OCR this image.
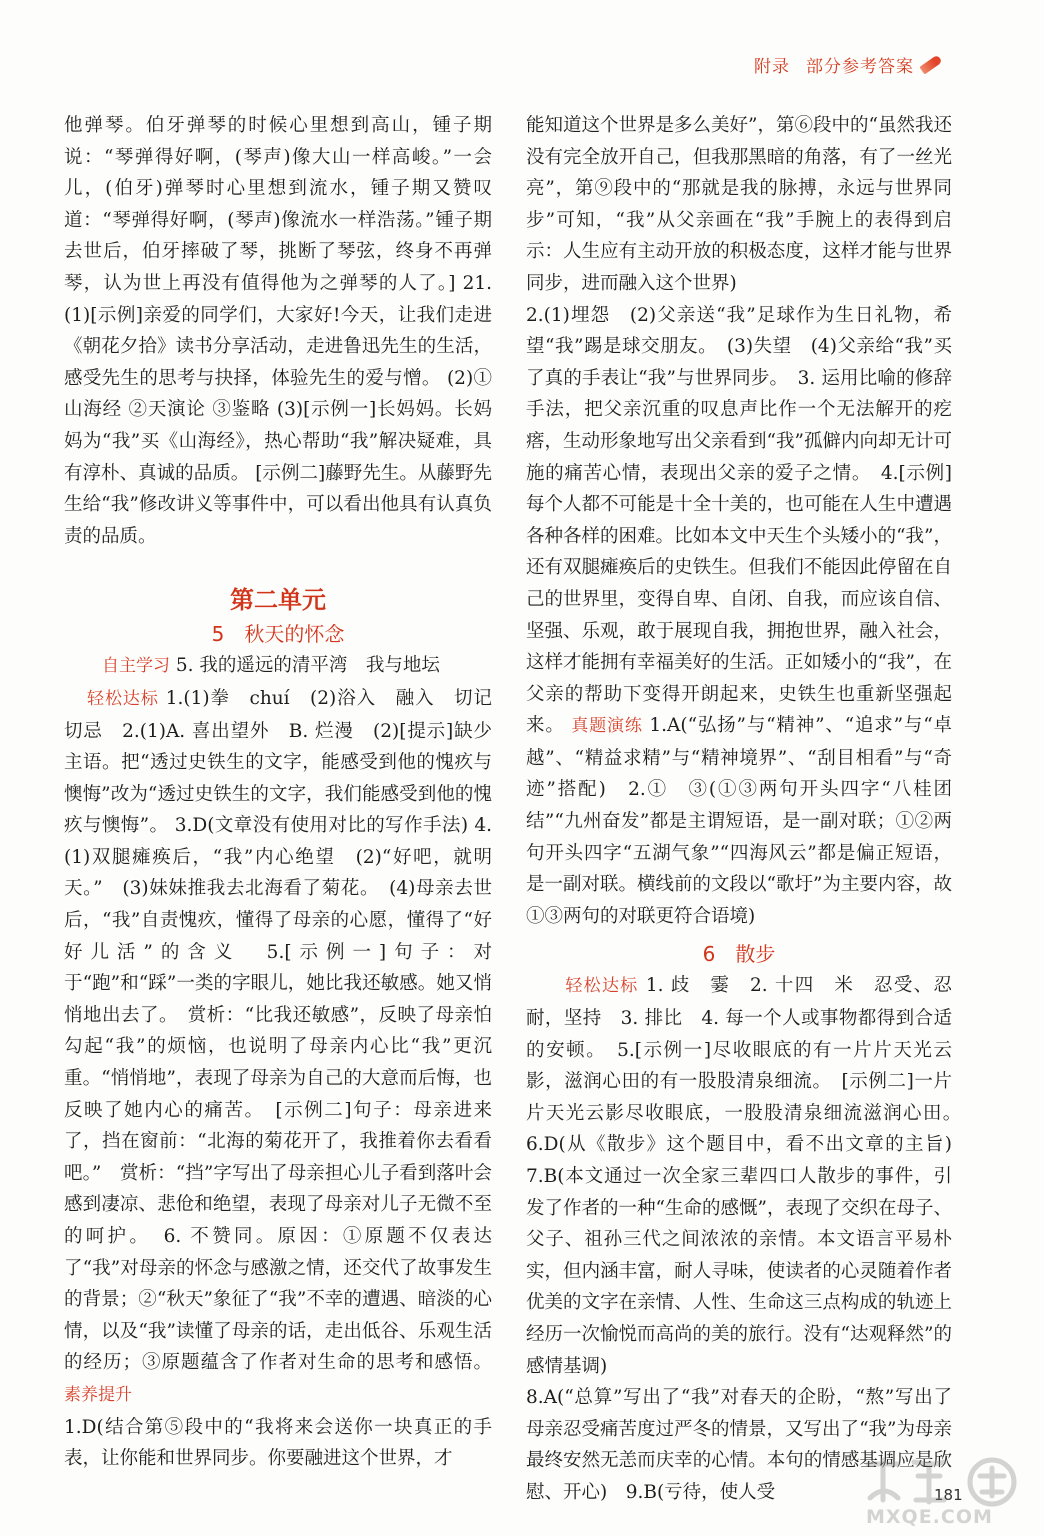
附录 部分参考答案

他弹琴。伯牙弹琴的时候心里想到高山，锺子期说：“琴弹得好啊，(琴声)像大山一样高峻。”一会儿，(伯牙)弹琴时心里想到流水，锺子期又赞叹道：“琴弹得好啊，(琴声)像流水一样浩荡。”锺子期去世后，伯牙摔破了琴，挑断了琴弦，终身不再弹琴，认为世上再没有值得他为之弹琴的人了。] 21.(1)[示例]亲爱的同学们，大家好!今天，让我们走进《朝花夕拾》读书分享活动，走进鲁迅先生的生活，感受先生的思考与抉择，体验先生的爱与憎。 (2)①山海经 ②天演论 ③鉴略 (3)[示例一]长妈妈。长妈妈为“我”买《山海经》，热心帮助“我”解决疑难，具有淳朴、真诚的品质。 [示例二]藤野先生。从藤野先生给“我”修改讲义等事件中，可以看出他具有认真负责的品质。

第二单元
5　秋天的怀念

自主学习 5. 我的遥远的清平湾　我与地坛

轻松达标 1.(1)拳　chuí　(2)浴入　融入　切记　切忌　2.(1)A. 喜出望外　B. 烂漫　(2)[提示]缺少主语。把“透过史铁生的文字，能感受到他的愧疚与懊悔”改为“透过史铁生的文字，我们能感受到他的愧疚与懊悔”。 3.D(文章没有使用对比的写作手法) 4.(1)双腿瘫痪后，“我”内心绝望　(2)“好吧，就明天。”　(3)妹妹推我去北海看了菊花。　(4)母亲去世后，“我”自责愧疚，懂得了母亲的心愿，懂得了“好好儿活”的含义　5.[示例一]句子：对于“跑”和“踩”一类的字眼儿，她比我还敏感。她又悄悄地出去了。　赏析：“比我还敏感”，反映了母亲怕勾起“我”的烦恼，也说明了母亲内心比“我”更沉重。“悄悄地”，表现了母亲为自己的大意而后悔，也反映了她内心的痛苦。　[示例二]句子：母亲进来了，挡在窗前：“北海的菊花开了，我推着你去看看吧。”　赏析：“挡”字写出了母亲担心儿子看到落叶会感到凄凉、悲伧和绝望，表现了母亲对儿子无微不至的呵护。　6. 不赞同。原因：①原题不仅表达了“我”对母亲的怀念与感激之情，还交代了故事发生的背景；②“秋天”象征了“我”不幸的遭遇、暗淡的心情，以及“我”读懂了母亲的话，走出低谷、乐观生活的经历；③原题蕴含了作者对生命的思考和感悟。 素养提升

1.D(结合第⑤段中的“我将来会送你一块真正的手表，让你能和世界同步。你要融进这个世界，才

能知道这个世界是多么美好”，第⑥段中的“虽然我还没有完全放开自己，但我那黑暗的角落，有了一丝光亮”，第⑨段中的“那就是我的脉搏，永远与世界同步”可知，“我”从父亲画在“我”手腕上的表得到启示：人生应有主动开放的积极态度，这样才能与世界同步，进而融入这个世界)

2.(1)埋怨　(2)父亲送“我”足球作为生日礼物，希望“我”踢是球交朋友。　(3)失望　(4)父亲给“我”买了真的手表让“我”与世界同步。　3. 运用比喻的修辞手法，把父亲沉重的叹息声比作一个无法解开的疙瘩，生动形象地写出父亲看到“我”孤僻内向却无计可施的痛苦心情，表现出父亲的爱子之情。　4.[示例]每个人都不可能是十全十美的，也可能在人生中遭遇各种各样的困难。比如本文中天生个头矮小的“我”，还有双腿瘫痪后的史铁生。但我们不能因此停留在自己的世界里，变得自卑、自闭、自我，而应该自信、坚强、乐观，敢于展现自我，拥抱世界，融入社会，这样才能拥有幸福美好的生活。正如矮小的“我”，在父亲的帮助下变得开朗起来，史铁生也重新坚强起来。 真题演练 1.A(“弘扬”与“精神”、“追求”与“卓越”、“精益求精”与“精神境界”、“刮目相看”与“奇迹”搭配)　2.①　③(①③两句开头四字“八桂团结”“九州奋发”都是主谓短语，是一副对联；①②两句开头四字“五湖气象”“四海风云”都是偏正短语，是一副对联。横线前的文段以“歌圩”为主要内容，故①③两句的对联更符合语境)

6　散步

轻松达标 1. 歧　霎　2. 十四　米　忍受、忍耐，坚持　3. 排比　4. 每一个人或事物都得到合适的安顿。　5.[示例一]尽收眼底的有一片片天光云影，滋润心田的有一股股清泉细流。　[示例二]一片片天光云影尽收眼底，一股股清泉细流滋润心田。　6.D(从《散步》这个题目中，看不出文章的主旨)　7.B(本文通过一次全家三辈四口人散步的事件，引发了作者的一种“生命的感慨”，表现了交织在母子、父子、祖孙三代之间浓浓的亲情。本文语言平易朴实，但内涵丰富，耐人寻味，使读者的心灵随着作者优美的文字在亲情、人性、生命这三点构成的轨迹上经历一次愉悦而高尚的美的旅行。没有“达观释然”的感情基调)

8.A(“总算”写出了“我”对春天的企盼，“熬”写出了母亲忍受痛苦度过严冬的情景，又写出了“我”为母亲最终安然无恙而庆幸的心情。本句的情感基调应是欣慰、开心)　9.B(亏待，使人受	181
MXQE.COM
